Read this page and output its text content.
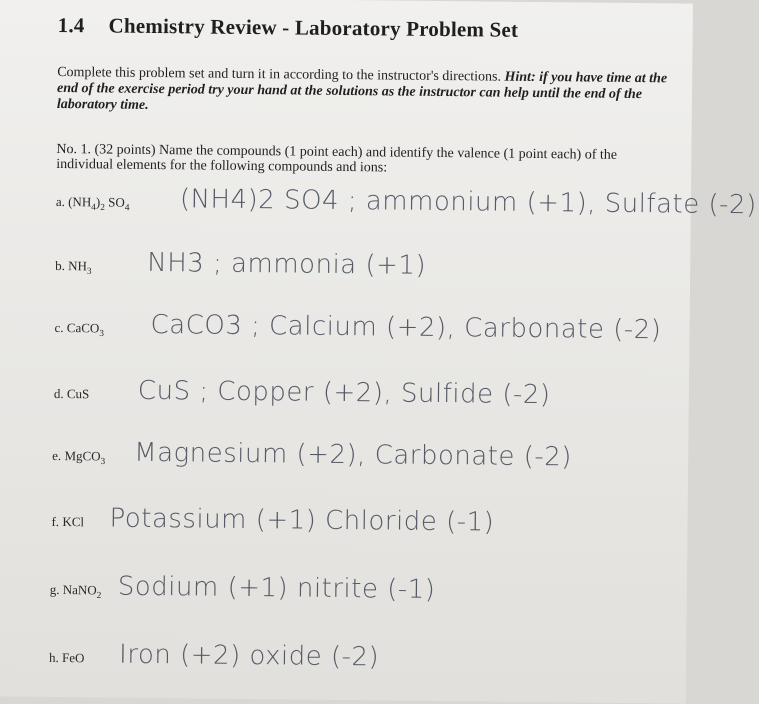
1.4 Chemistry Review - Laboratory Problem Set
Complete this problem set and turn it in according to the instructor's directions. Hint: if you have time at the end of the exercise period try your hand at the solutions as the instructor can help until the end of the laboratory time.
No. 1. (32 points) Name the compounds (1 point each) and identify the valence (1 point each) of the individual elements for the following compounds and ions:
a. $(NH_4)_2$ $SO_4$	(NH4)2 SO4 ; ammonium (+1), Sulfate (-2)
b. $NH_3$	NH3 ; ammonia (+1)
c. CaCO$_3$	CaCO3 ; Calcium (+2), Carbonate (-2)
d. CuS	CuS ; Copper (+2), Sulfide (-2)
e. MgCO$_3$	Magnesium (+2), Carbonate (-2)
f. KCl Potassium (+1) Chloride (-1)
g. NaNO$_2$ Sodium (+1) nitrite (-1)
h. FeO	Iron (+2) oxide (-2)
